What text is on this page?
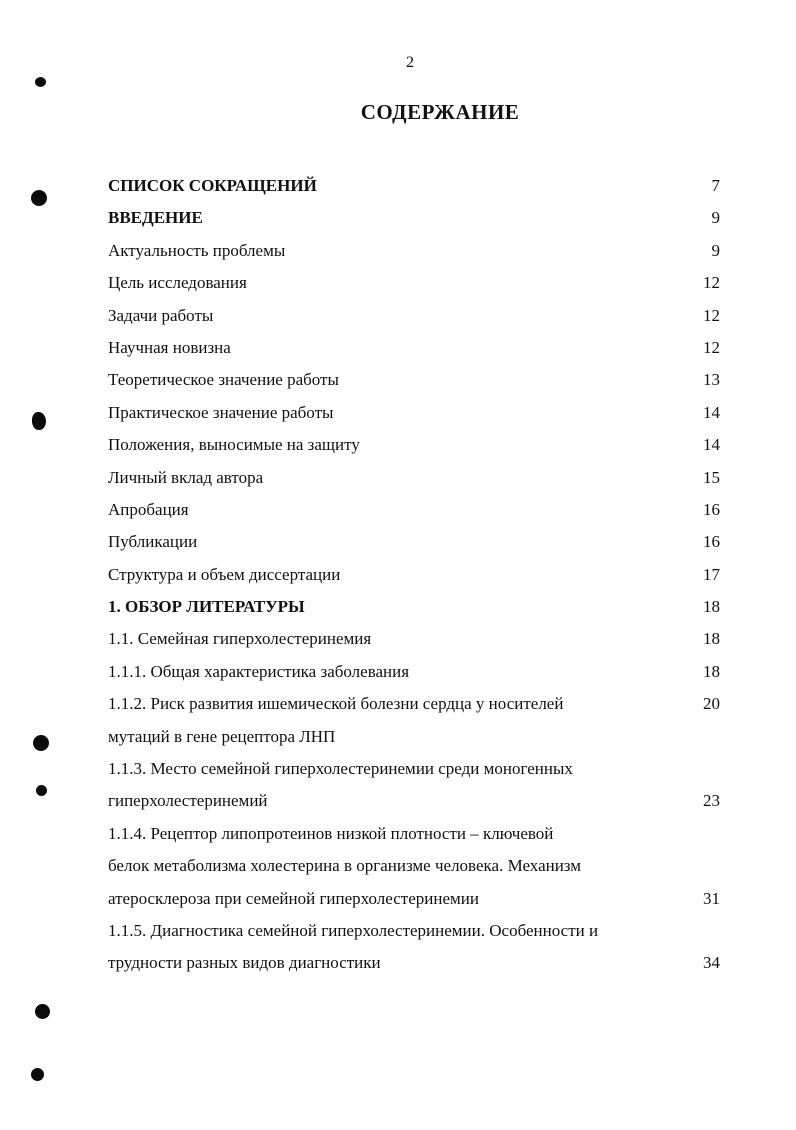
2
СОДЕРЖАНИЕ
СПИСОК СОКРАЩЕНИЙ	7
ВВЕДЕНИЕ	9
Актуальность проблемы	9
Цель исследования	12
Задачи работы	12
Научная новизна	12
Теоретическое значение работы	13
Практическое значение работы	14
Положения, выносимые на защиту	14
Личный вклад автора	15
Апробация	16
Публикации	16
Структура и объем диссертации	17
1. ОБЗОР ЛИТЕРАТУРЫ	18
1.1. Семейная гиперхолестеринемия	18
1.1.1. Общая характеристика заболевания	18
1.1.2. Риск развития ишемической болезни сердца у носителей	20
мутаций в гене рецептора ЛНП
1.1.3. Место семейной гиперхолестеринемии среди моногенных
гиперхолестеринемий	23
1.1.4. Рецептор липопротеинов низкой плотности – ключевой
белок метаболизма холестерина в организме человека. Механизм
атеросклероза при семейной гиперхолестеринемии	31
1.1.5. Диагностика семейной гиперхолестеринемии. Особенности и
трудности разных видов диагностики	34
